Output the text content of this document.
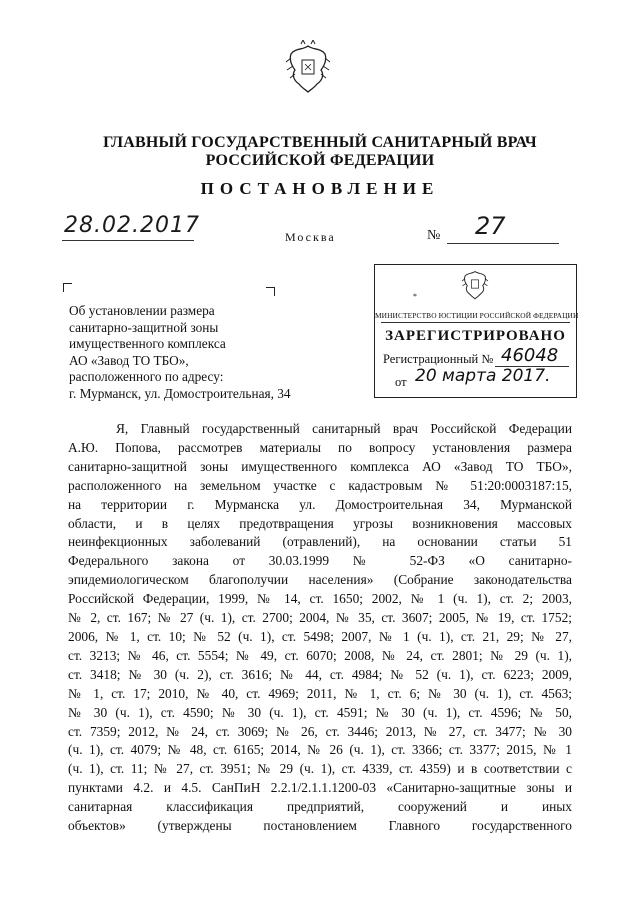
ГЛАВНЫЙ ГОСУДАРСТВЕННЫЙ САНИТАРНЫЙ ВРАЧ
РОССИЙСКОЙ ФЕДЕРАЦИИ
ПОСТАНОВЛЕНИЕ
28.02.2017	Москва	№ 27
Об установлении размера
санитарно-защитной зоны
имущественного комплекса
АО «Завод ТО ТБО»,
расположенного по адресу:
г. Мурманск, ул. Домостроительная, 34
*
МИНИСТЕРСТВО ЮСТИЦИИ РОССИЙСКОЙ ФЕДЕРАЦИИ
ЗАРЕГИСТРИРОВАНО
Регистрационный № 46048
от 20 марта 2017.
Я, Главный государственный санитарный врач Российской Федерации
А.Ю. Попова, рассмотрев материалы по вопросу установления размера
санитарно-защитной зоны имущественного комплекса АО «Завод ТО ТБО»,
расположенного на земельном участке с кадастровым № 51:20:0003187:15,
на территории г. Мурманска ул. Домостроительная 34, Мурманской
области, и в целях предотвращения угрозы возникновения массовых
неинфекционных заболеваний (отравлений), на основании статьи 51
Федерального закона от 30.03.1999 № 52-ФЗ «О санитарно-
эпидемиологическом благополучии населения» (Собрание законодательства
Российской Федерации, 1999, № 14, ст. 1650; 2002, № 1 (ч. 1), ст. 2; 2003,
№ 2, ст. 167; № 27 (ч. 1), ст. 2700; 2004, № 35, ст. 3607; 2005, № 19, ст. 1752;
2006, № 1, ст. 10; № 52 (ч. 1), ст. 5498; 2007, № 1 (ч. 1), ст. 21, 29; № 27,
ст. 3213; № 46, ст. 5554; № 49, ст. 6070; 2008, № 24, ст. 2801; № 29 (ч. 1),
ст. 3418; № 30 (ч. 2), ст. 3616; № 44, ст. 4984; № 52 (ч. 1), ст. 6223; 2009,
№ 1, ст. 17; 2010, № 40, ст. 4969; 2011, № 1, ст. 6; № 30 (ч. 1), ст. 4563;
№ 30 (ч. 1), ст. 4590; № 30 (ч. 1), ст. 4591; № 30 (ч. 1), ст. 4596; № 50,
ст. 7359; 2012, № 24, ст. 3069; № 26, ст. 3446; 2013, № 27, ст. 3477; № 30
(ч. 1), ст. 4079; № 48, ст. 6165; 2014, № 26 (ч. 1), ст. 3366; ст. 3377; 2015, № 1
(ч. 1), ст. 11; № 27, ст. 3951; № 29 (ч. 1), ст. 4339, ст. 4359) и в соответствии с
пунктами 4.2. и 4.5. СанПиН 2.2.1/2.1.1.1200-03 «Санитарно-защитные зоны и
санитарная классификация предприятий, сооружений и иных
объектов» (утверждены постановлением Главного государственного
